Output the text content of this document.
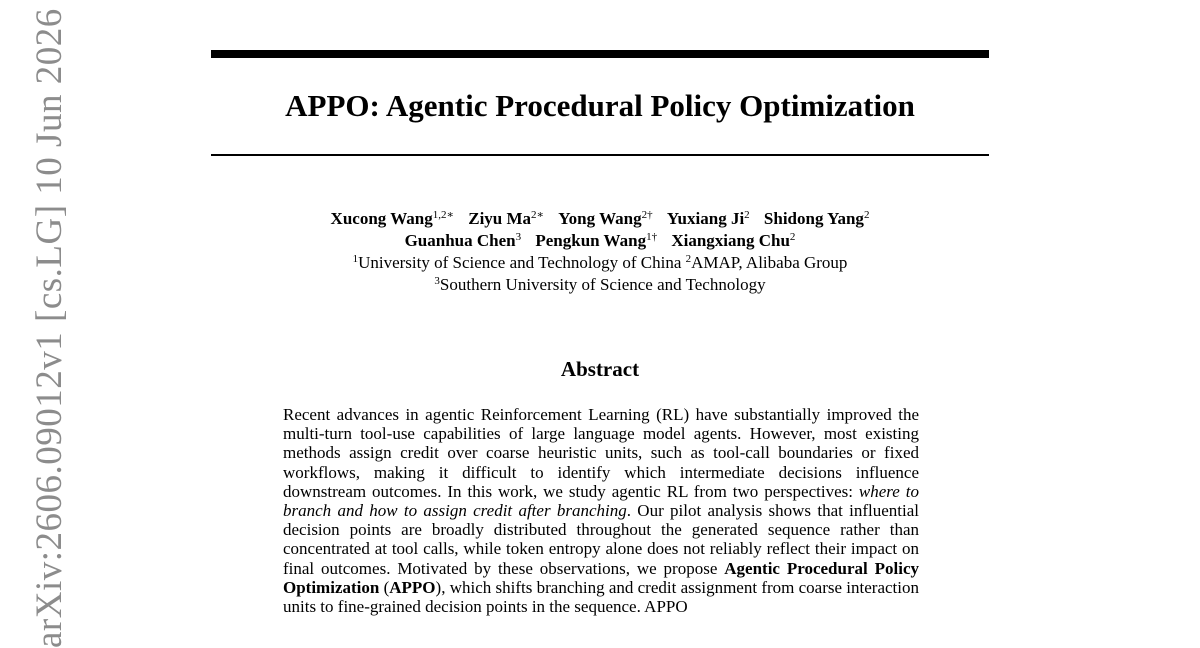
APPO: Agentic Procedural Policy Optimization
Xucong Wang$^{1,2∗}$ Ziyu $Ma^{2∗}$ Yong Wang$^{2\dagger}$ Yuxiang Ji$^2$ Shidong Yang$^2$
Guanhua Chen$^3$ Pengkun Wang$^{1\dagger}$ Xiangxiang Chu$^2$
$^1$University of Science and Technology of China $^2$AMAP, Alibaba Group
$^3$Southern University of Science and Technology
Abstract

Recent advances in agentic Reinforcement Learning (RL) have substantially improved the multi-turn tool-use capabilities of large language model agents. However, most existing methods assign credit over coarse heuristic units, such as tool-call boundaries or fixed workflows, making it difficult to identify which intermediate decisions influence downstream outcomes. In this work, we study agentic RL from two perspectives: where to branch and how to assign credit after branching. Our pilot analysis shows that influential decision points are broadly distributed throughout the generated sequence rather than concentrated at tool calls, while token entropy alone does not reliably reflect their impact on final outcomes. Motivated by these observations, we propose Agentic Procedural Policy Optimization (APPO), which shifts branching and credit assignment from coarse interaction units to fine-grained decision points in the sequence. APPO

arXiv:2606.09012v1 [cs.LG] 10 Jun 2026
